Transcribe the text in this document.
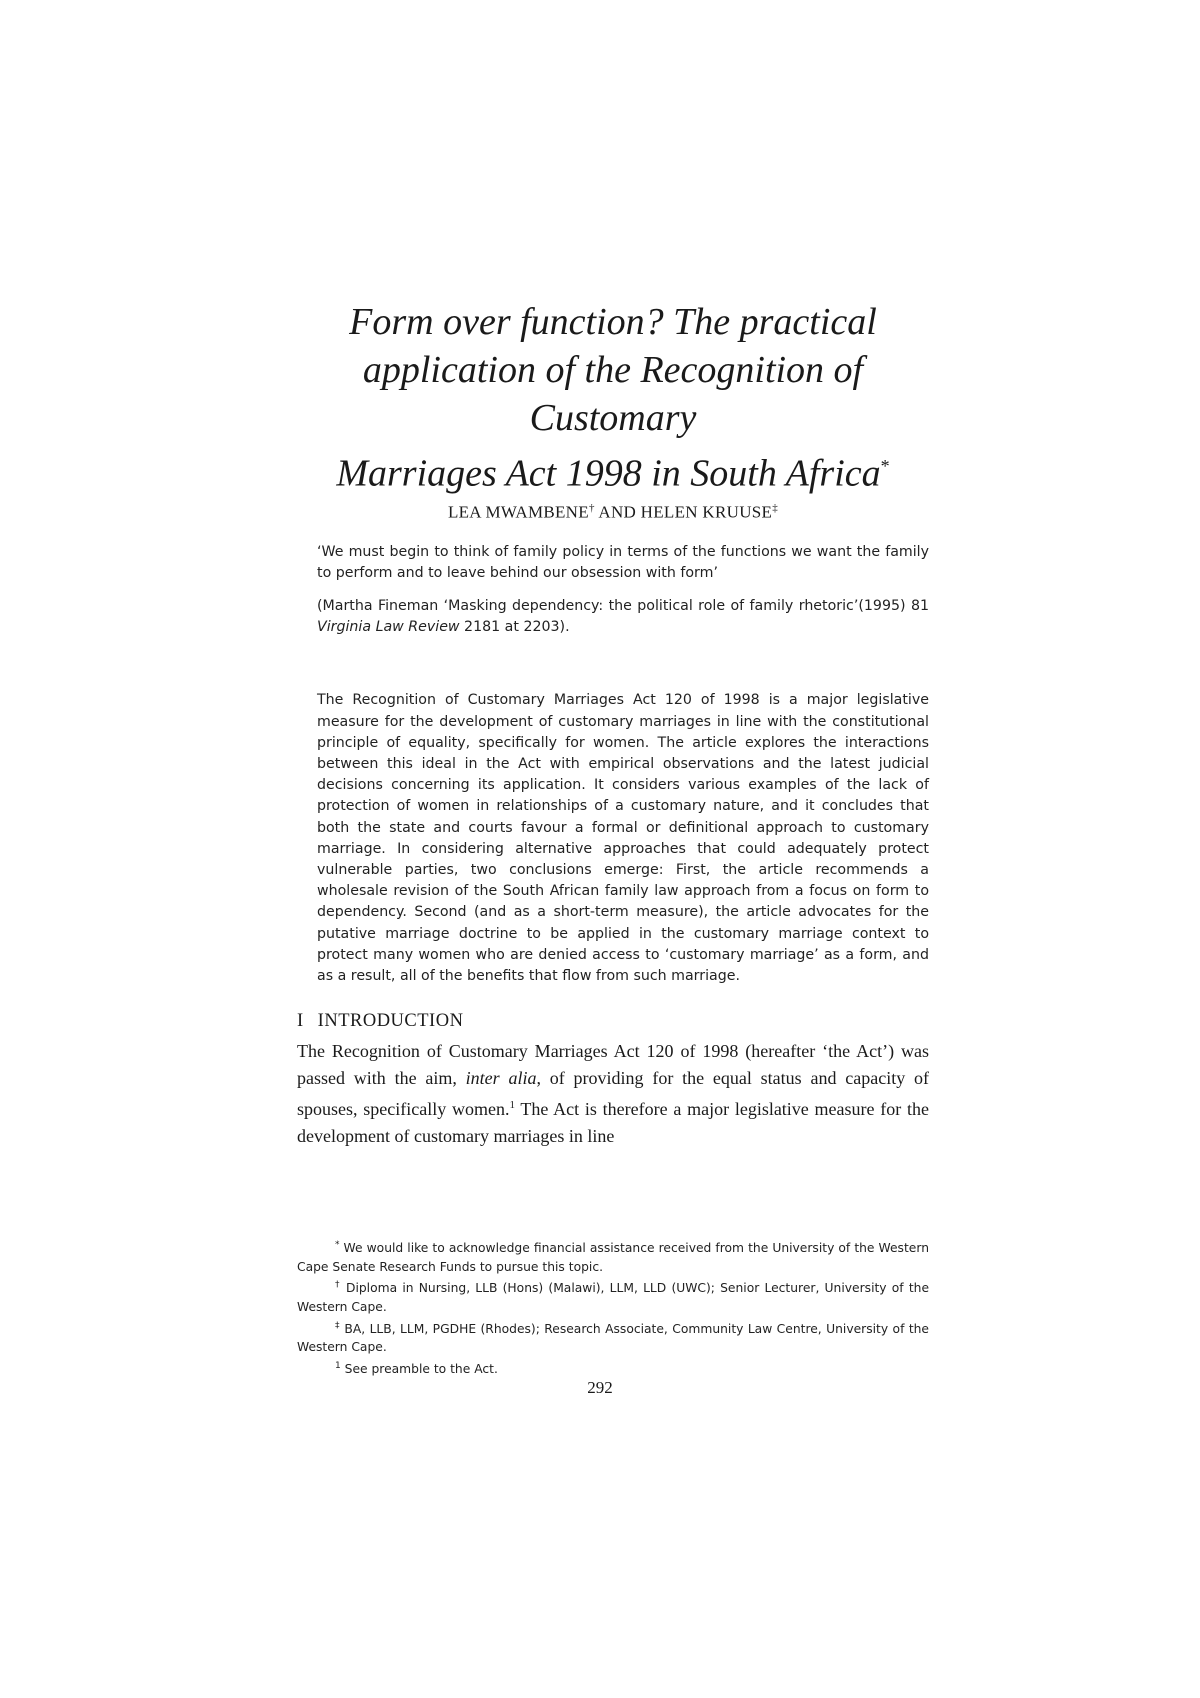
Form over function? The practical
application of the Recognition of Customary
Marriages Act 1998 in South Africa*
LEA MWAMBENE† AND HELEN KRUUSE‡

‘We must begin to think of family policy in terms of the functions we want the family to perform and to leave behind our obsession with form’

(Martha Fineman ‘Masking dependency: the political role of family rhetoric’(1995) 81 Virginia Law Review 2181 at 2203).

The Recognition of Customary Marriages Act 120 of 1998 is a major legislative measure for the development of customary marriages in line with the constitutional principle of equality, specifically for women. The article explores the interactions between this ideal in the Act with empirical observations and the latest judicial decisions concerning its application. It considers various examples of the lack of protection of women in relationships of a customary nature, and it concludes that both the state and courts favour a formal or definitional approach to customary marriage. In considering alternative approaches that could adequately protect vulnerable parties, two conclusions emerge: First, the article recommends a wholesale revision of the South African family law approach from a focus on form to dependency. Second (and as a short-term measure), the article advocates for the putative marriage doctrine to be applied in the customary marriage context to protect many women who are denied access to ‘customary marriage’ as a form, and as a result, all of the benefits that flow from such marriage.
I INTRODUCTION
The Recognition of Customary Marriages Act 120 of 1998 (hereafter ‘the Act’) was passed with the aim, inter alia, of providing for the equal status and capacity of spouses, specifically women.$^1$ The Act is therefore a major legislative measure for the development of customary marriages in line

* We would like to acknowledge financial assistance received from the University of the Western Cape Senate Research Funds to pursue this topic.

† Diploma in Nursing, LLB (Hons) (Malawi), LLM, LLD (UWC); Senior Lecturer, University of the Western Cape.

‡ BA, LLB, LLM, PGDHE (Rhodes); Research Associate, Community Law Centre, University of the Western Cape.

$^1$ See preamble to the Act.

292
